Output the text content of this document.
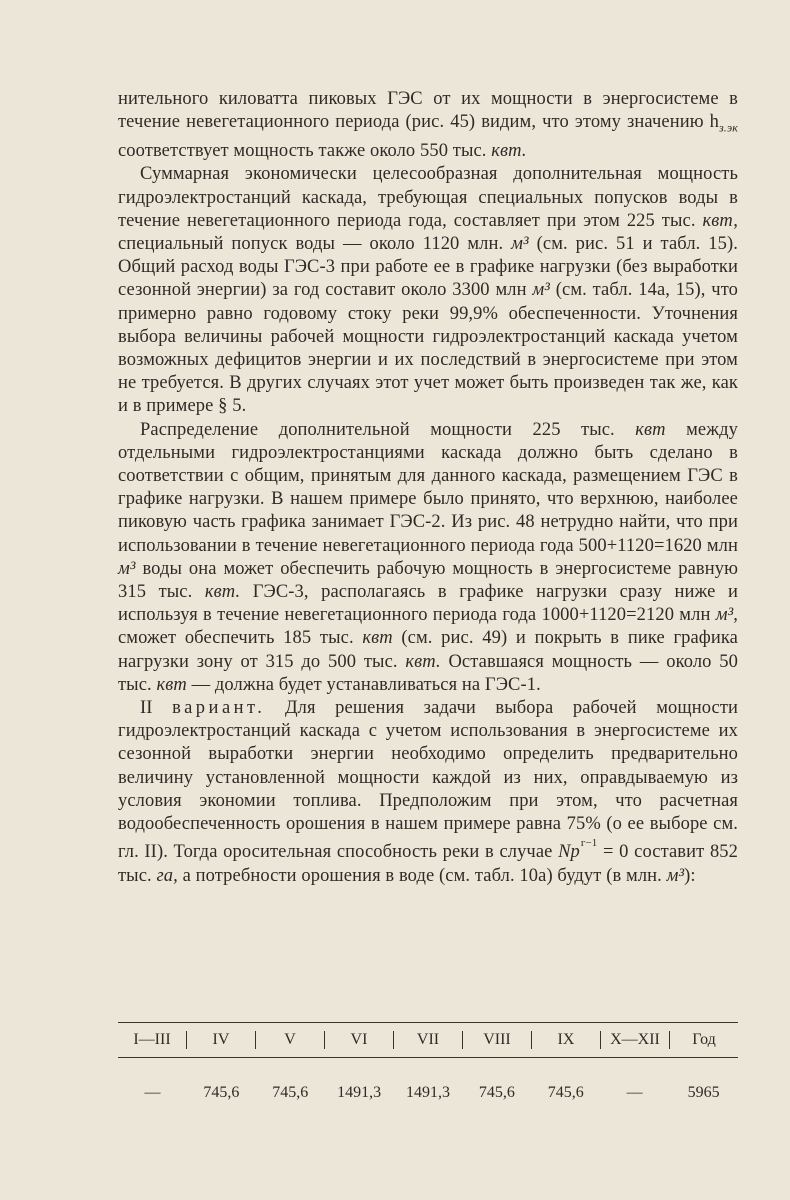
нительного киловатта пиковых ГЭС от их мощности в энергосистеме в течение невегетационного периода (рис. 45) видим, что этому значению $h_{з.эк}$ соответствует мощность также около 550 тыс. квт.

Суммарная экономически целесообразная дополнительная мощность гидроэлектростанций каскада, требующая специальных попусков воды в течение невегетационного периода года, составляет при этом 225 тыс. квт, специальный попуск воды — около 1120 млн. м³ (см. рис. 51 и табл. 15). Общий расход воды ГЭС-3 при работе ее в графике нагрузки (без выработки сезонной энергии) за год составит около 3300 млн м³ (см. табл. 14а, 15), что примерно равно годовому стоку реки 99,9% обеспеченности. Уточнения выбора величины рабочей мощности гидроэлектростанций каскада учетом возможных дефицитов энергии и их последствий в энергосистеме при этом не требуется. В других случаях этот учет может быть произведен так же, как и в примере § 5.

Распределение дополнительной мощности 225 тыс. квт между отдельными гидроэлектростанциями каскада должно быть сделано в соответствии с общим, принятым для данного каскада, размещением ГЭС в графике нагрузки. В нашем примере было принято, что верхнюю, наиболее пиковую часть графика занимает ГЭС-2. Из рис. 48 нетрудно найти, что при использовании в течение невегетационного периода года 500+1120=1620 млн м³ воды она может обеспечить рабочую мощность в энергосистеме равную 315 тыс. квт. ГЭС-3, располагаясь в графике нагрузки сразу ниже и используя в течение невегетационного периода года 1000+1120=2120 млн м³, сможет обеспечить 185 тыс. квт (см. рис. 49) и покрыть в пике графика нагрузки зону от 315 до 500 тыс. квт. Оставшаяся мощность — около 50 тыс. квт — должна будет устанавливаться на ГЭС-1.

II вариант. Для решения задачи выбора рабочей мощности гидроэлектростанций каскада с учетом использования в энергосистеме их сезонной выработки энергии необходимо определить предварительно величину установленной мощности каждой из них, оправдываемую из условия экономии топлива. Предположим при этом, что расчетная водообеспеченность орошения в нашем примере равна 75% (о ее выборе см. гл. II). Тогда оросительная способность реки в случае $Np^{г-1} = 0$ составит 852 тыс. га, а потребности орошения в воде (см. табл. 10а) будут (в млн. м³):

I—III	IV	V	VI	VII	VIII	IX	X—XII	Год
—	745,6	745,6	1491,3	1491,3	745,6	745,6	—	5965
